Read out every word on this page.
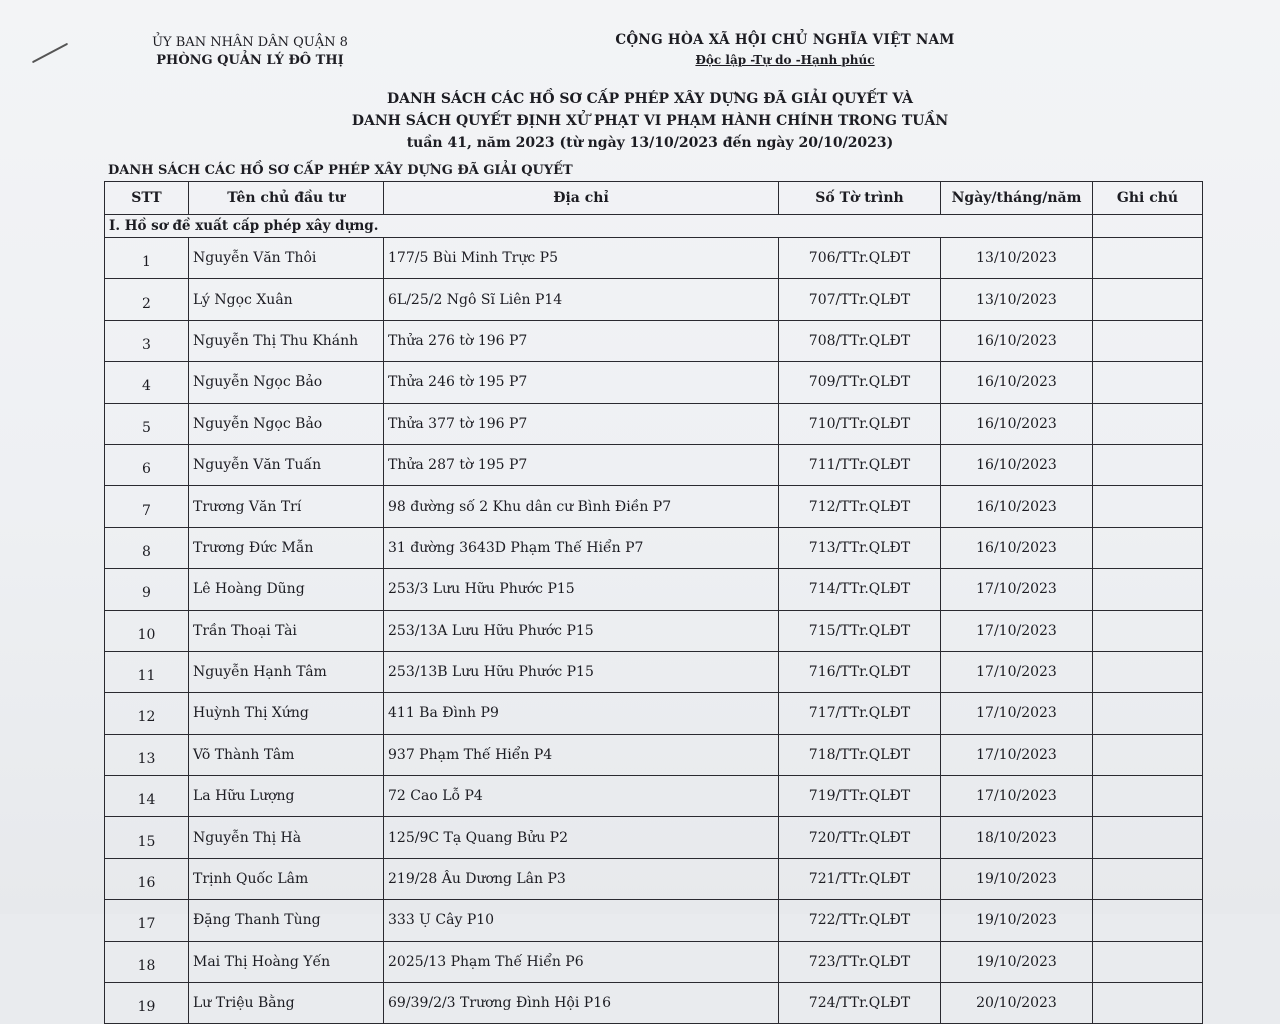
ỦY BAN NHÂN DÂN QUẬN 8
PHÒNG QUẢN LÝ ĐÔ THỊ
CỘNG HÒA XÃ HỘI CHỦ NGHĨA VIỆT NAM
Độc lập -Tự do -Hạnh phúc
DANH SÁCH CÁC HỒ SƠ CẤP PHÉP XÂY DỰNG ĐÃ GIẢI QUYẾT VÀ
DANH SÁCH QUYẾT ĐỊNH XỬ PHẠT VI PHẠM HÀNH CHÍNH TRONG TUẦN
tuần 41, năm 2023 (từ ngày 13/10/2023 đến ngày 20/10/2023)
DANH SÁCH CÁC HỒ SƠ CẤP PHÉP XÂY DỰNG ĐÃ GIẢI QUYẾT
STT	Tên chủ đầu tư	Địa chỉ	Số Tờ trình	Ngày/tháng/năm	Ghi chú
I. Hồ sơ đề xuất cấp phép xây dựng.					
1	Nguyễn Văn Thôi	177/5 Bùi Minh Trực P5	706/TTr.QLĐT	13/10/2023	
2	Lý Ngọc Xuân	6L/25/2 Ngô Sĩ Liên P14	707/TTr.QLĐT	13/10/2023	
3	Nguyễn Thị Thu Khánh	Thửa 276 tờ 196 P7	708/TTr.QLĐT	16/10/2023	
4	Nguyễn Ngọc Bảo	Thửa 246 tờ 195 P7	709/TTr.QLĐT	16/10/2023	
5	Nguyễn Ngọc Bảo	Thửa 377 tờ 196 P7	710/TTr.QLĐT	16/10/2023	
6	Nguyễn Văn Tuấn	Thửa 287 tờ 195 P7	711/TTr.QLĐT	16/10/2023	
7	Trương Văn Trí	98 đường số 2 Khu dân cư Bình Điền P7	712/TTr.QLĐT	16/10/2023	
8	Trương Đức Mẫn	31 đường 3643D Phạm Thế Hiển P7	713/TTr.QLĐT	16/10/2023	
9	Lê Hoàng Dũng	253/3 Lưu Hữu Phước P15	714/TTr.QLĐT	17/10/2023	
10	Trần Thoại Tài	253/13A Lưu Hữu Phước P15	715/TTr.QLĐT	17/10/2023	
11	Nguyễn Hạnh Tâm	253/13B Lưu Hữu Phước P15	716/TTr.QLĐT	17/10/2023	
12	Huỳnh Thị Xứng	411 Ba Đình P9	717/TTr.QLĐT	17/10/2023	
13	Võ Thành Tâm	937 Phạm Thế Hiển P4	718/TTr.QLĐT	17/10/2023	
14	La Hữu Lượng	72 Cao Lỗ P4	719/TTr.QLĐT	17/10/2023	
15	Nguyễn Thị Hà	125/9C Tạ Quang Bửu P2	720/TTr.QLĐT	18/10/2023	
16	Trịnh Quốc Lâm	219/28 Âu Dương Lân P3	721/TTr.QLĐT	19/10/2023	
17	Đặng Thanh Tùng	333 Ụ Cây P10	722/TTr.QLĐT	19/10/2023	
18	Mai Thị Hoàng Yến	2025/13 Phạm Thế Hiển P6	723/TTr.QLĐT	19/10/2023	
19	Lư Triệu Bằng	69/39/2/3 Trương Đình Hội P16	724/TTr.QLĐT	20/10/2023	
